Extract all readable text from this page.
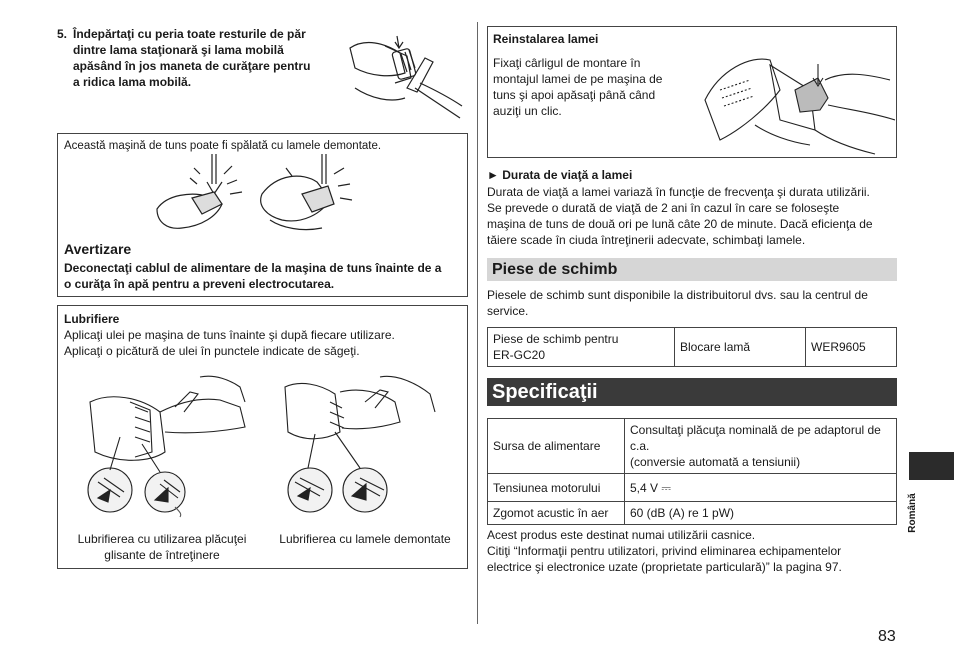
5. Îndepărtaţi cu peria toate resturile de păr
dintre lama staţionară şi lama mobilă
apăsând în jos maneta de curăţare pentru
a ridica lama mobilă.
Această maşină de tuns poate fi spălată cu lamele demontate.
Avertizare
Deconectaţi cablul de alimentare de la maşina de tuns înainte de a
o curăţa în apă pentru a preveni electrocutarea.
Lubrifiere
Aplicaţi ulei pe maşina de tuns înainte şi după fiecare utilizare.
Aplicaţi o picătură de ulei în punctele indicate de săgeţi.
Lubrifierea cu utilizarea plăcuţei
glisante de întreţinere
Lubrifierea cu lamele demontate
Reinstalarea lamei
Fixaţi cârligul de montare în
montajul lamei de pe maşina de
tuns şi apoi apăsaţi până când
auziţi un clic.
► Durata de viaţă a lamei
Durata de viaţă a lamei variază în funcţie de frecvenţa şi durata utilizării.
Se prevede o durată de viaţă de 2 ani în cazul în care se foloseşte
maşina de tuns de două ori pe lună câte 20 de minute. Dacă eficienţa de
tăiere scade în ciuda întreţinerii adecvate, schimbaţi lamele.
Piese de schimb
Piesele de schimb sunt disponibile la distribuitorul dvs. sau la centrul de
service.
Piese de schimb pentru
ER-GC20
	Blocare lamă	WER9605
Specificaţii
Sursa de alimentare	Consultaţi plăcuţa nominală de pe adaptorul de
c.a.
(conversie automată a tensiunii)

Tensiunea motorului	5,4 V ⎓
Zgomot acustic în aer	60 (dB (A) re 1 pW)
Acest produs este destinat numai utilizării casnice.
Citiţi “Informaţii pentru utilizatori, privind eliminarea echipamentelor
electrice şi electronice uzate (proprietate particulară)” la pagina 97.
Română
83
